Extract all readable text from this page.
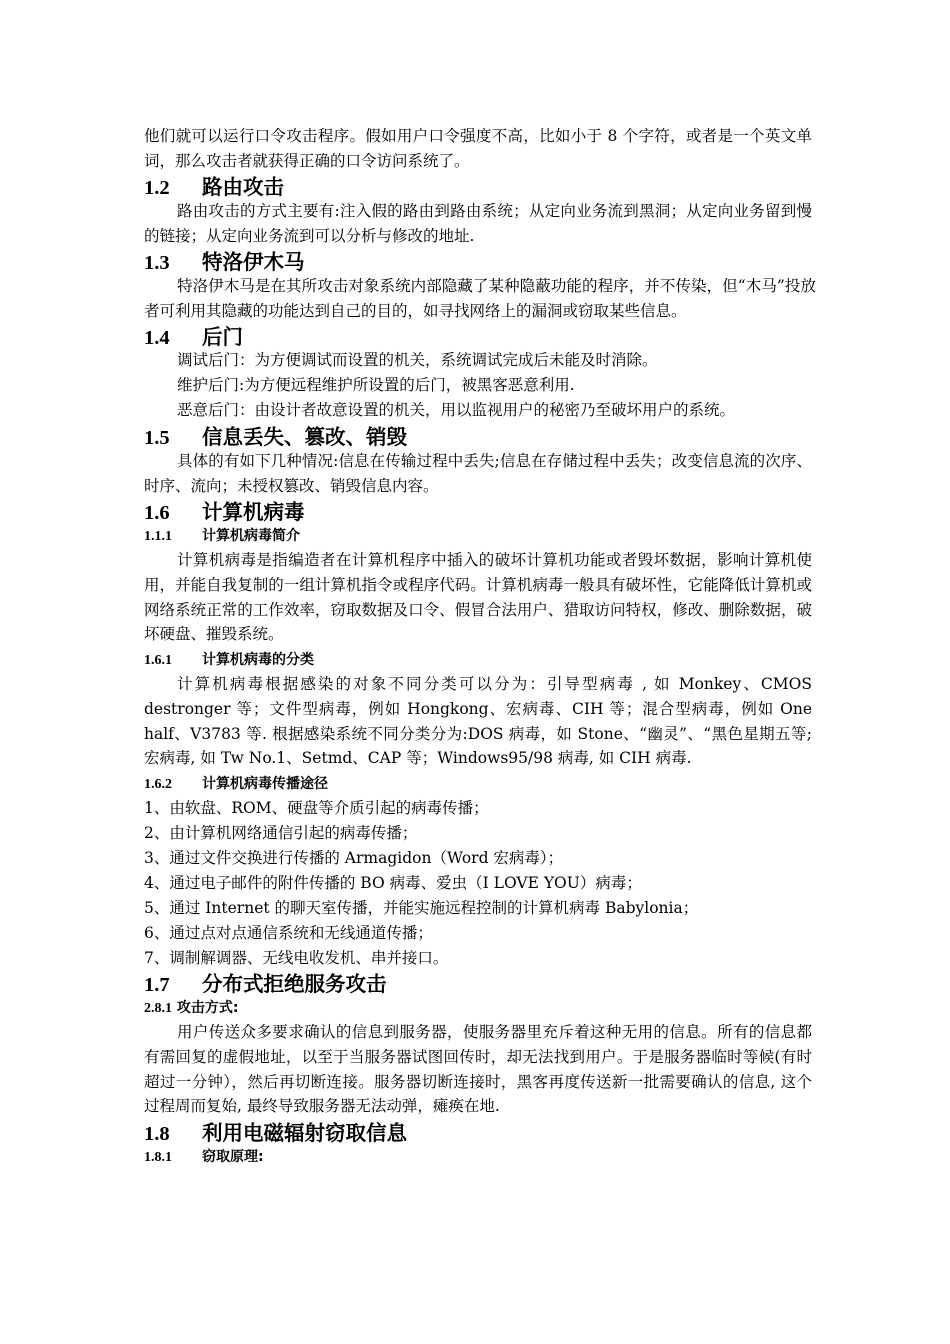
他们就可以运行口令攻击程序。假如用户口令强度不高，比如小于 8 个字符，或者是一个英文单词，那么攻击者就获得正确的口令访问系统了。

1.2 路由攻击

路由攻击的方式主要有:注入假的路由到路由系统；从定向业务流到黑洞；从定向业务留到慢的链接；从定向业务流到可以分析与修改的地址.

1.3 特洛伊木马

特洛伊木马是在其所攻击对象系统内部隐藏了某种隐蔽功能的程序，并不传染，但“木马”投放者可利用其隐藏的功能达到自己的目的，如寻找网络上的漏洞或窃取某些信息。

1.4 后门

调试后门：为方便调试而设置的机关，系统调试完成后未能及时消除。

维护后门:为方便远程维护所设置的后门，被黑客恶意利用.

恶意后门：由设计者故意设置的机关，用以监视用户的秘密乃至破坏用户的系统。

1.5 信息丢失、篡改、销毁

具体的有如下几种情况:信息在传输过程中丢失;信息在存储过程中丢失；改变信息流的次序、时序、流向；未授权篡改、销毁信息内容。

1.6 计算机病毒
1.1.1 计算机病毒简介

计算机病毒是指编造者在计算机程序中插入的破坏计算机功能或者毁坏数据，影响计算机使用，并能自我复制的一组计算机指令或程序代码。计算机病毒一般具有破坏性，它能降低计算机或网络系统正常的工作效率，窃取数据及口令、假冒合法用户、猎取访问特权，修改、删除数据，破坏硬盘、摧毁系统。

1.6.1 计算机病毒的分类

计算机病毒根据感染的对象不同分类可以分为：引导型病毒 , 如 Monkey、CMOS destronger 等；文件型病毒，例如 Hongkong、宏病毒、CIH 等；混合型病毒，例如 One half、V3783 等. 根据感染系统不同分类分为:DOS 病毒，如 Stone、“幽灵”、“黑色星期五等;宏病毒, 如 Tw No.1、Setmd、CAP 等；Windows95/98 病毒, 如 CIH 病毒.

1.6.2 计算机病毒传播途径
1、由软盘、ROM、硬盘等介质引起的病毒传播；
2、由计算机网络通信引起的病毒传播；
3、通过文件交换进行传播的 Armagidon（Word 宏病毒）；
4、通过电子邮件的附件传播的 BO 病毒、爱虫（I LOVE YOU）病毒；
5、通过 Internet 的聊天室传播，并能实施远程控制的计算机病毒 Babylonia；
6、通过点对点通信系统和无线通道传播；
7、调制解调器、无线电收发机、串并接口。
1.7 分布式拒绝服务攻击
2.8.1 攻击方式:

用户传送众多要求确认的信息到服务器，使服务器里充斥着这种无用的信息。所有的信息都有需回复的虚假地址，以至于当服务器试图回传时，却无法找到用户。于是服务器临时等候(有时超过一分钟），然后再切断连接。服务器切断连接时，黑客再度传送新一批需要确认的信息, 这个过程周而复始, 最终导致服务器无法动弹，瘫痪在地.

1.8 利用电磁辐射窃取信息
1.8.1 窃取原理:
